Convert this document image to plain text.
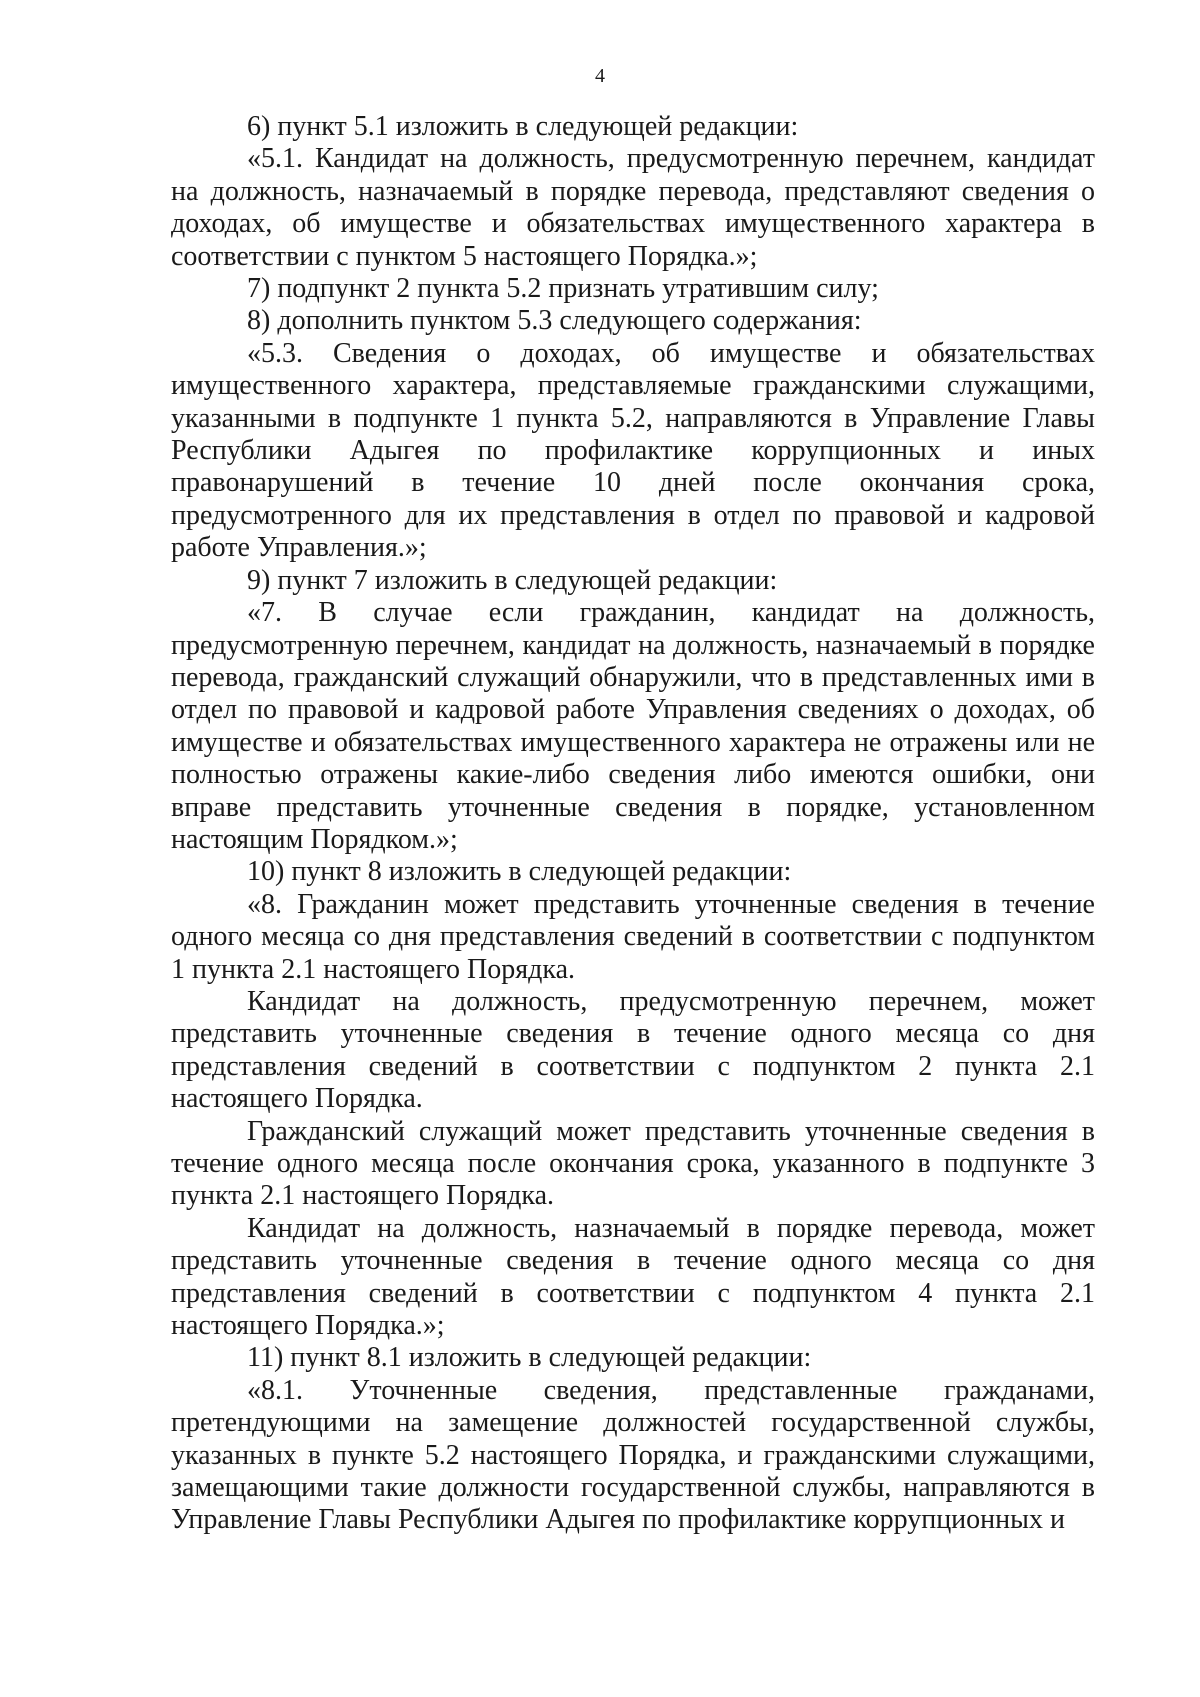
4

6) пункт 5.1 изложить в следующей редакции:

«5.1. Кандидат на должность, предусмотренную перечнем, кандидат на должность, назначаемый в порядке перевода, представляют сведения о доходах, об имуществе и обязательствах имущественного характера в соответствии с пунктом 5 настоящего Порядка.»;

7) подпункт 2 пункта 5.2 признать утратившим силу;

8) дополнить пунктом 5.3 следующего содержания:

«5.3. Сведения о доходах, об имуществе и обязательствах имущественного характера, представляемые гражданскими служащими, указанными в подпункте 1 пункта 5.2, направляются в Управление Главы Республики Адыгея по профилактике коррупционных и иных правонарушений в течение 10 дней после окончания срока, предусмотренного для их представления в отдел по правовой и кадровой работе Управления.»;

9) пункт 7 изложить в следующей редакции:

«7. В случае если гражданин, кандидат на должность, предусмотренную перечнем, кандидат на должность, назначаемый в порядке перевода, гражданский служащий обнаружили, что в представленных ими в отдел по правовой и кадровой работе Управления сведениях о доходах, об имуществе и обязательствах имущественного характера не отражены или не полностью отражены какие-либо сведения либо имеются ошибки, они вправе представить уточненные сведения в порядке, установленном настоящим Порядком.»;

10) пункт 8 изложить в следующей редакции:

«8. Гражданин может представить уточненные сведения в течение одного месяца со дня представления сведений в соответствии с подпунктом 1 пункта 2.1 настоящего Порядка.

Кандидат на должность, предусмотренную перечнем, может представить уточненные сведения в течение одного месяца со дня представления сведений в соответствии с подпунктом 2 пункта 2.1 настоящего Порядка.

Гражданский служащий может представить уточненные сведения в течение одного месяца после окончания срока, указанного в подпункте 3 пункта 2.1 настоящего Порядка.

Кандидат на должность, назначаемый в порядке перевода, может представить уточненные сведения в течение одного месяца со дня представления сведений в соответствии с подпунктом 4 пункта 2.1 настоящего Порядка.»;

11) пункт 8.1 изложить в следующей редакции:

«8.1. Уточненные сведения, представленные гражданами, претендующими на замещение должностей государственной службы, указанных в пункте 5.2 настоящего Порядка, и гражданскими служащими, замещающими такие должности государственной службы, направляются в Управление Главы Республики Адыгея по профилактике коррупционных и
